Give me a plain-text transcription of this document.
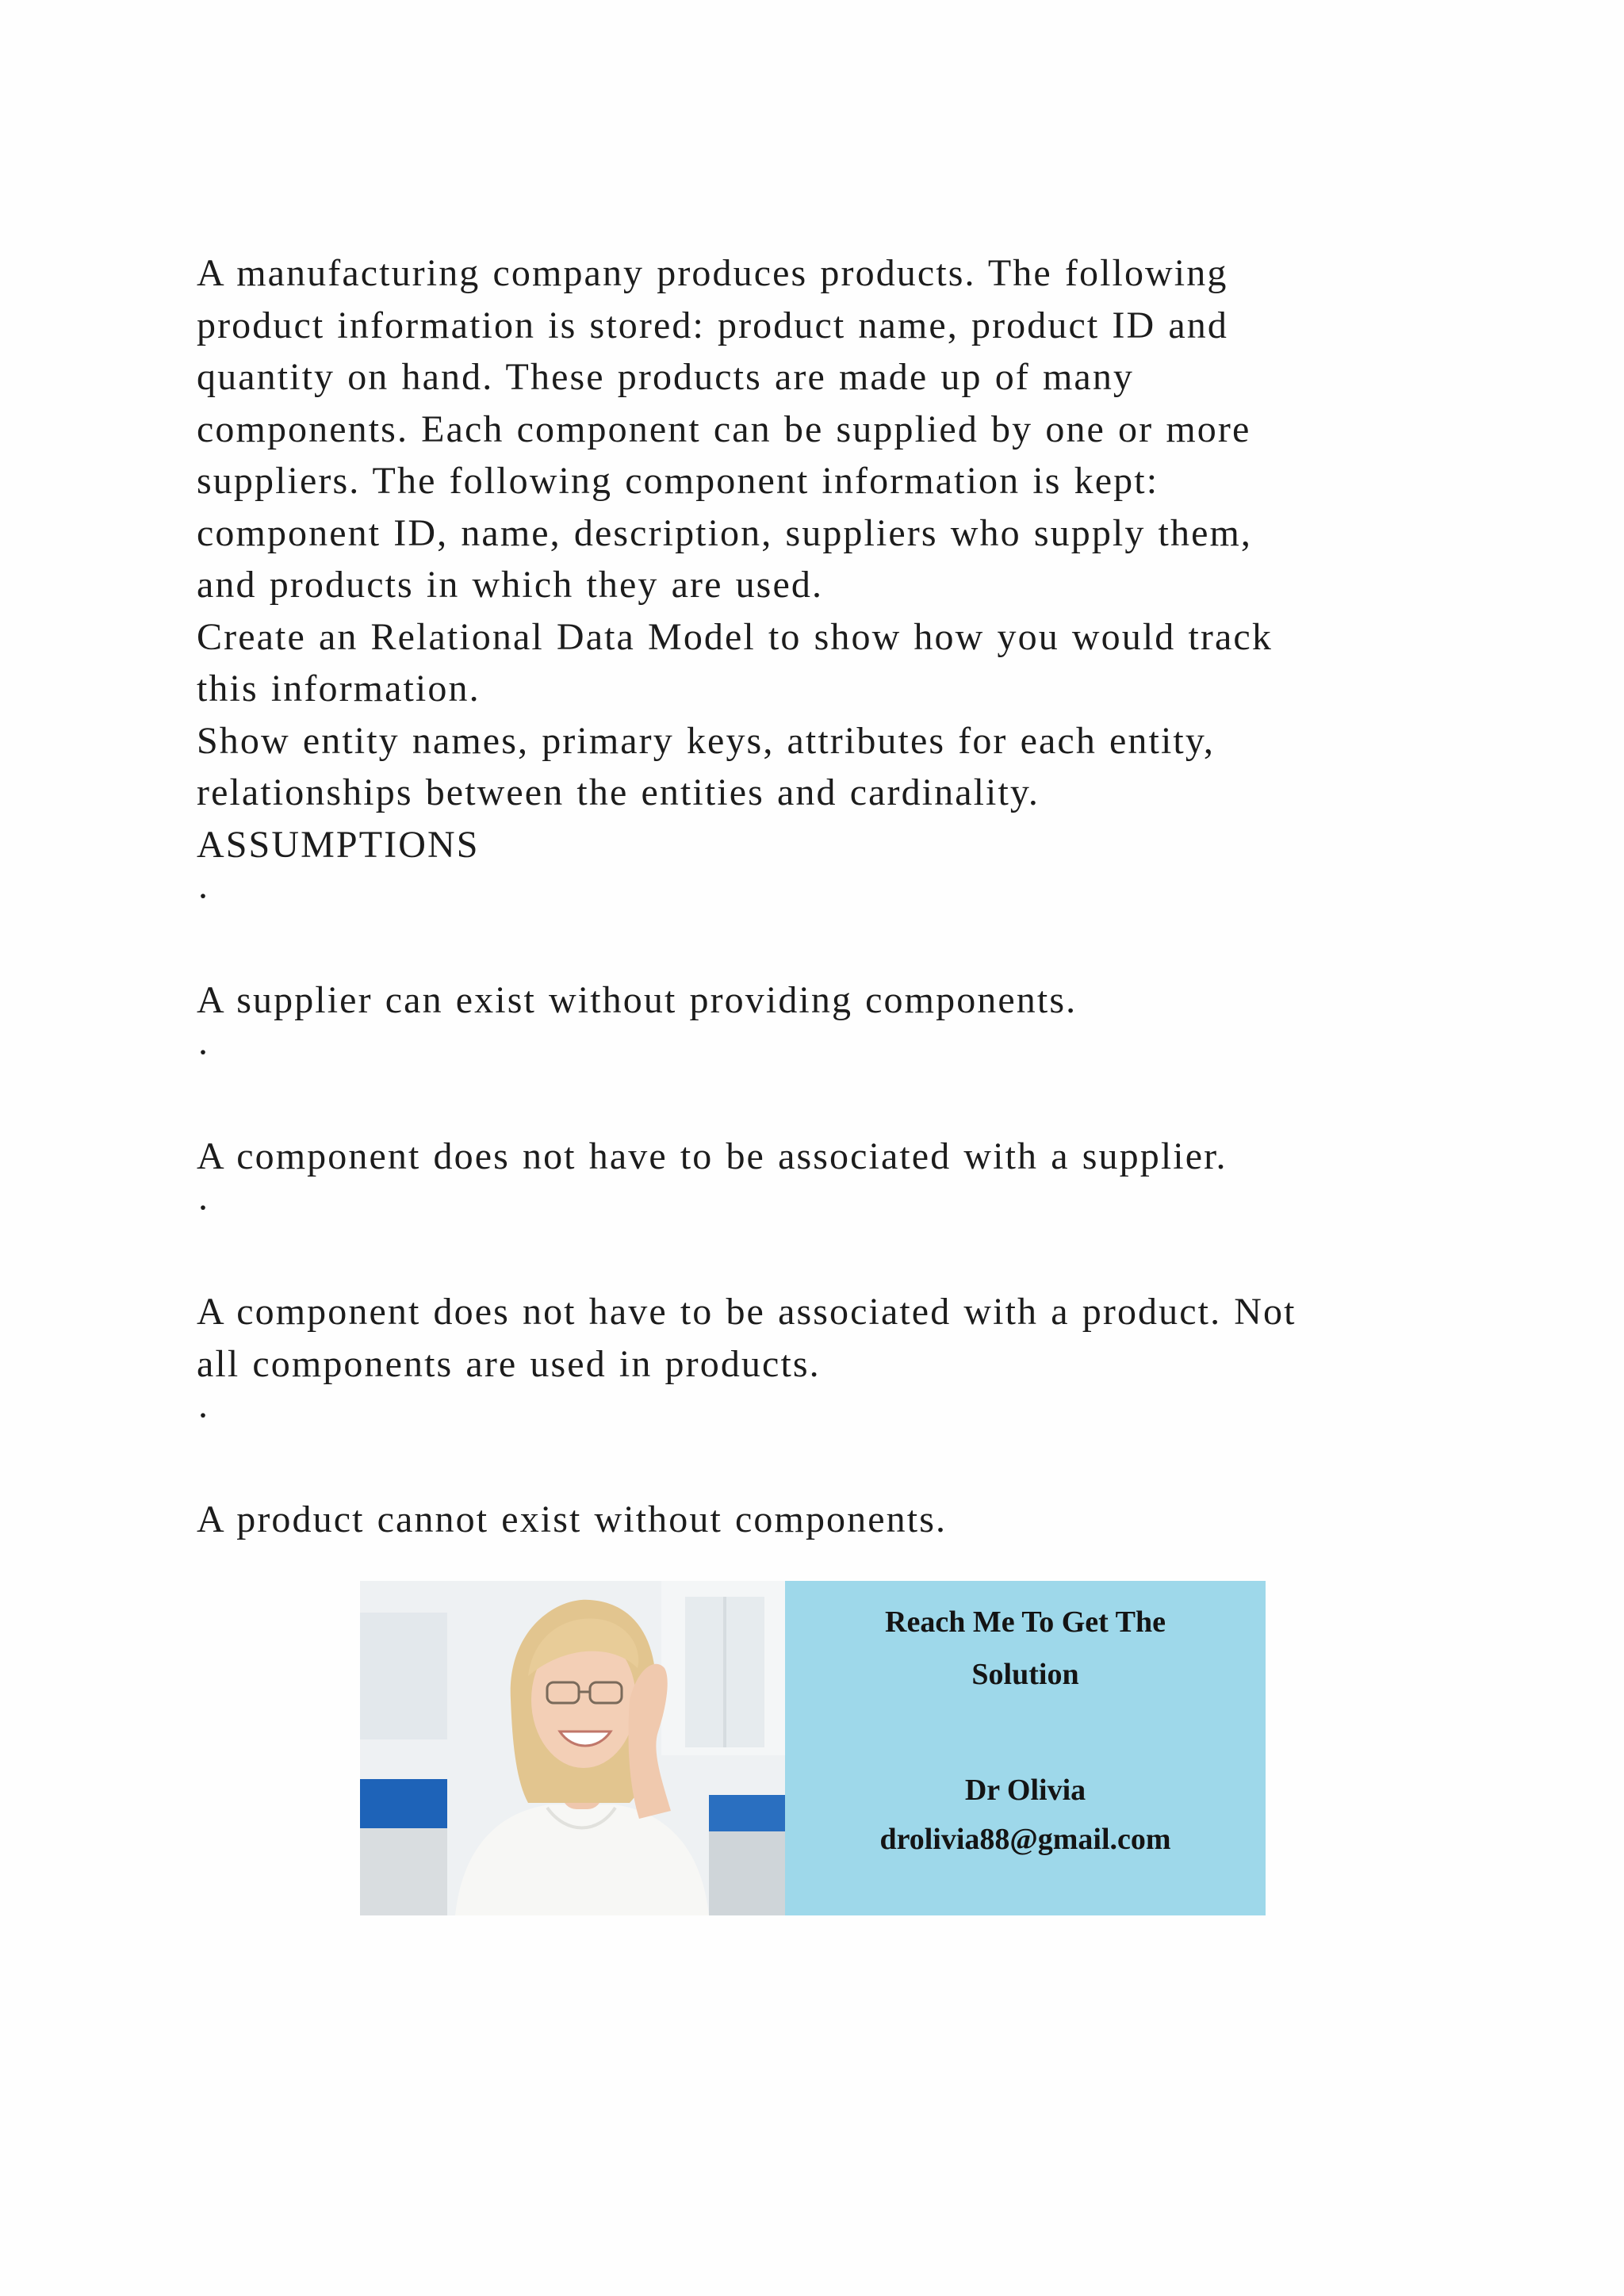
A manufacturing company produces products. The following
product information is stored: product name, product ID and
quantity on hand. These products are made up of many
components. Each component can be supplied by one or more
suppliers. The following component information is kept:
component ID, name, description, suppliers who supply them,
and products in which they are used.
Create an Relational Data Model to show how you would track
this information.
Show entity names, primary keys, attributes for each entity,
relationships between the entities and cardinality.
ASSUMPTIONS
·
A supplier can exist without providing components.
·
A component does not have to be associated with a supplier.
·
A component does not have to be associated with a product. Not
all components are used in products.
·
A product cannot exist without components.
Reach Me To Get The
Solution
Dr Olivia
drolivia88@gmail.com
